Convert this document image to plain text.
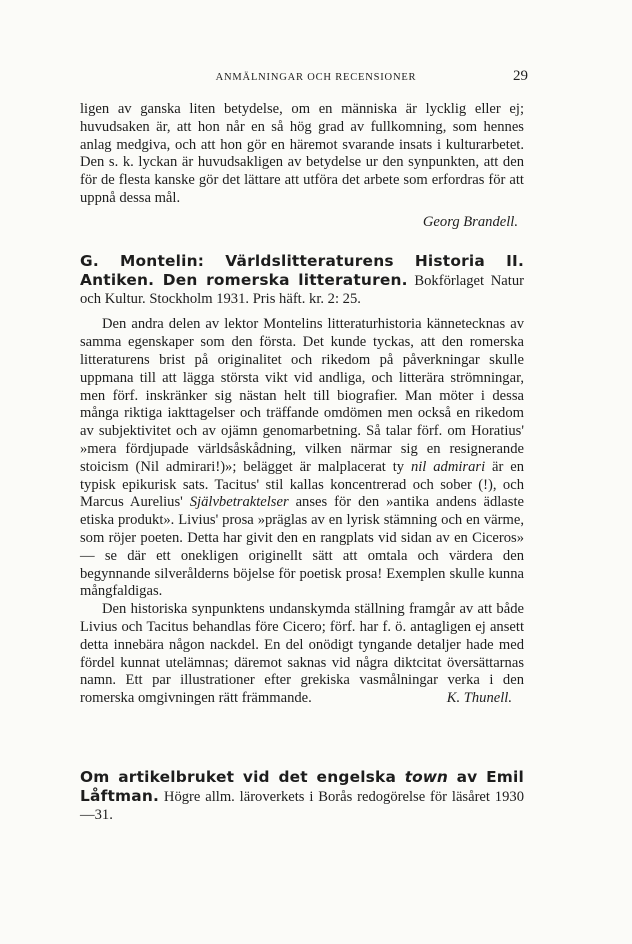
ANMÄLNINGAR OCH RECENSIONER	29

ligen av ganska liten betydelse, om en människa är lycklig eller ej; huvudsaken är, att hon når en så hög grad av fullkomning, som hennes anlag medgiva, och att hon gör en häremot svarande insats i kulturarbetet. Den s. k. lyckan är huvudsakligen av betydelse ur den synpunkten, att den för de flesta kanske gör det lättare att utföra det arbete som erfordras för att uppnå dessa mål.

Georg Brandell.

G. Montelin: Världslitteraturens Historia II. Antiken. Den romerska litteraturen. Bokförlaget Natur och Kultur. Stockholm 1931. Pris häft. kr. 2: 25.

Den andra delen av lektor Montelins litteraturhistoria kännetecknas av samma egenskaper som den första. Det kunde tyckas, att den romerska litteraturens brist på originalitet och rikedom på påverkningar skulle uppmana till att lägga största vikt vid andliga, och litterära strömningar, men förf. inskränker sig nästan helt till biografier. Man möter i dessa många riktiga iakttagelser och träffande omdömen men också en rikedom av subjektivitet och av ojämn genomarbetning. Så talar förf. om Horatius' »mera fördjupade världsåskådning, vilken närmar sig en resignerande stoicism (Nil admirari!)»; belägget är malplacerat ty nil admirari är en typisk epikurisk sats. Tacitus' stil kallas koncentrerad och sober (!), och Marcus Aurelius' Självbetraktelser anses för den »antika andens ädlaste etiska produkt». Livius' prosa »präglas av en lyrisk stämning och en värme, som röjer poeten. Detta har givit den en rangplats vid sidan av en Ciceros» — se där ett onekligen originellt sätt att omtala och värdera den begynnande silverålderns böjelse för poetisk prosa! Exemplen skulle kunna mångfaldigas.

Den historiska synpunktens undanskymda ställning framgår av att både Livius och Tacitus behandlas före Cicero; förf. har f. ö. antagligen ej ansett detta innebära någon nackdel. En del onödigt tyngande detaljer hade med fördel kunnat utelämnas; däremot saknas vid några diktcitat översättarnas namn. Ett par illustrationer efter grekiska vasmålningar verka i den romerska omgivningen rätt främmande.	K. Thunell.

Om artikelbruket vid det engelska town av Emil Låftman. Högre allm. läroverkets i Borås redogörelse för läsåret 1930—31.
